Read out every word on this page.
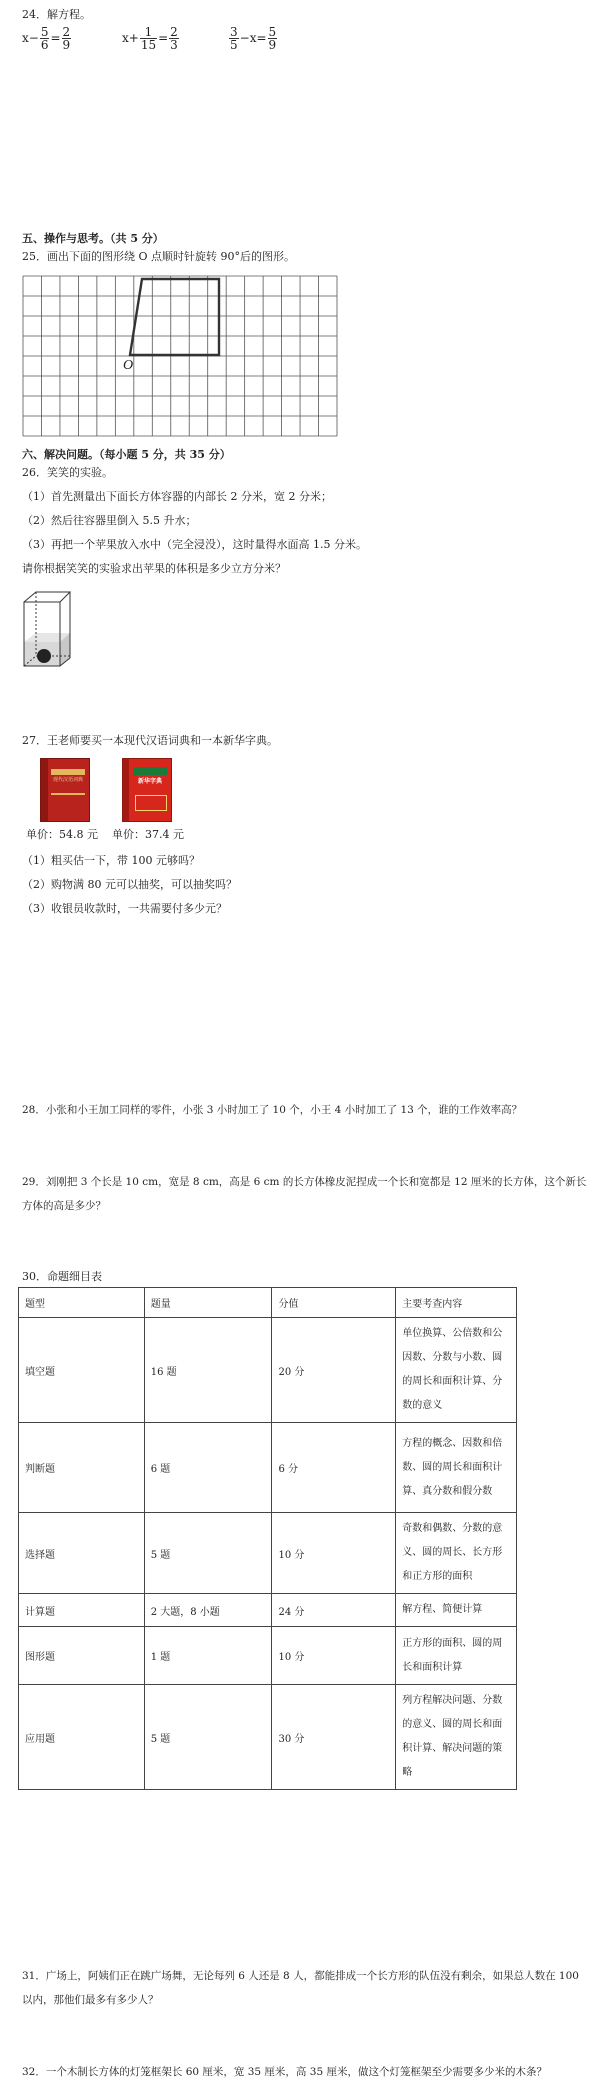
24．解方程。
$x- \frac{5}{6} = \frac{2}{9}$	$x+ \frac{1}{15} = \frac{2}{3}$	$\frac{3}{5} -x= \frac{5}{9}$
五、操作与思考。（共 5 分）
25．画出下面的图形绕 O 点顺时针旋转 90°后的图形。
O
六、解决问题。（每小题 5 分，共 35 分）
26．笑笑的实验。
（1）首先测量出下面长方体容器的内部长 2 分米，宽 2 分米；
（2）然后往容器里倒入 5.5 升水；
（3）再把一个苹果放入水中（完全浸没），这时量得水面高 1.5 分米。
请你根据笑笑的实验求出苹果的体积是多少立方分米？
27．王老师要买一本现代汉语词典和一本新华字典。
现代汉语词典	新华字典
单价：54.8 元 单价：37.4 元
（1）粗买估一下，带 100 元够吗？
（2）购物满 80 元可以抽奖，可以抽奖吗？
（3）收银员收款时，一共需要付多少元？
28．小张和小王加工同样的零件，小张 3 小时加工了 10 个，小王 4 小时加工了 13 个，谁的工作效率高？
29．刘刚把 3 个长是 10 cm，宽是 8 cm，高是 6 cm 的长方体橡皮泥捏成一个长和宽都是 12 厘米的长方体，这个新长
方体的高是多少？
30．命题细目表
题型	题量	分值	主要考查内容
填空题	16 题	20 分	单位换算、公倍数和公因数、分数与小数、圆的周长和面积计算、分数的意义
判断题	6 题	6 分	方程的概念、因数和倍数、圆的周长和面积计算、真分数和假分数
选择题	5 题	10 分	奇数和偶数、分数的意义、圆的周长、长方形和正方形的面积
计算题	2 大题，8 小题	24 分	解方程、简便计算
图形题	1 题	10 分	正方形的面积、圆的周长和面积计算
应用题	5 题	30 分	列方程解决问题、分数的意义、圆的周长和面积计算、解决问题的策略
31．广场上，阿姨们正在跳广场舞，无论每列 6 人还是 8 人，都能排成一个长方形的队伍没有剩余，如果总人数在 100
以内，那他们最多有多少人？
32．一个木制长方体的灯笼框架长 60 厘米，宽 35 厘米，高 35 厘米，做这个灯笼框架至少需要多少米的木条？
